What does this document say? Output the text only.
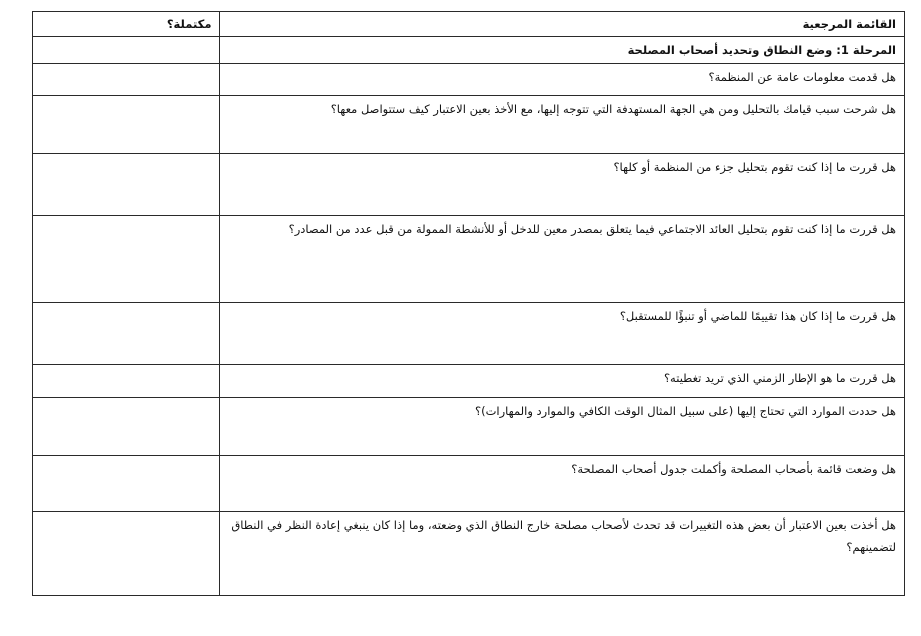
القائمة المرجعية	مكتملة؟
المرحلة 1: وضع النطاق وتحديد أصحاب المصلحة	
هل قدمت معلومات عامة عن المنظمة؟	
هل شرحت سبب قيامك بالتحليل ومن هي الجهة المستهدفة التي تتوجه إليها، مع الأخذ بعين الاعتبار كيف ستتواصل معها؟	
هل قررت ما إذا كنت تقوم بتحليل جزء من المنظمة أو كلها؟	
هل قررت ما إذا كنت تقوم بتحليل العائد الاجتماعي فيما يتعلق بمصدر معين للدخل أو للأنشطة الممولة من قبل عدد من المصادر؟	
هل قررت ما إذا كان هذا تقييمًا للماضي أو تنبؤًا للمستقبل؟	
هل قررت ما هو الإطار الزمني الذي تريد تغطيته؟	
هل حددت الموارد التي تحتاج إليها (على سبيل المثال الوقت الكافي والموارد والمهارات)؟	
هل وضعت قائمة بأصحاب المصلحة وأكملت جدول أصحاب المصلحة؟	
هل أخذت بعين الاعتبار أن بعض هذه التغييرات قد تحدث لأصحاب مصلحة خارج النطاق الذي وضعته، وما إذا كان ينبغي إعادة النظر في النطاق لتضمينهم؟	
